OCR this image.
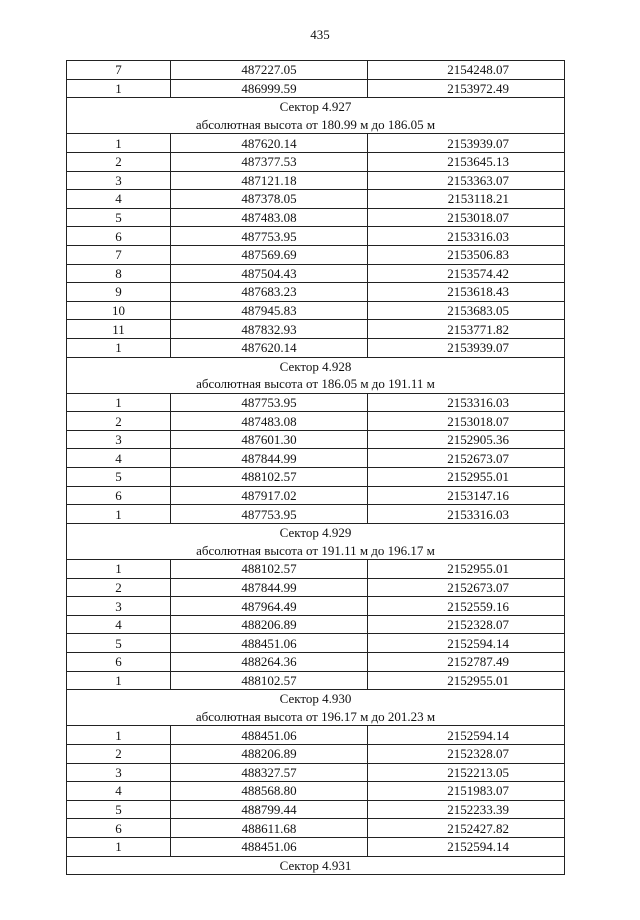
435
7	487227.05	2154248.07
1	486999.59	2153972.49
Сектор 4.927		
абсолютная высота от 180.99 м до 186.05 м		
1	487620.14	2153939.07
2	487377.53	2153645.13
3	487121.18	2153363.07
4	487378.05	2153118.21
5	487483.08	2153018.07
6	487753.95	2153316.03
7	487569.69	2153506.83
8	487504.43	2153574.42
9	487683.23	2153618.43
10	487945.83	2153683.05
11	487832.93	2153771.82
1	487620.14	2153939.07
Сектор 4.928		
абсолютная высота от 186.05 м до 191.11 м		
1	487753.95	2153316.03
2	487483.08	2153018.07
3	487601.30	2152905.36
4	487844.99	2152673.07
5	488102.57	2152955.01
6	487917.02	2153147.16
1	487753.95	2153316.03
Сектор 4.929		
абсолютная высота от 191.11 м до 196.17 м		
1	488102.57	2152955.01
2	487844.99	2152673.07
3	487964.49	2152559.16
4	488206.89	2152328.07
5	488451.06	2152594.14
6	488264.36	2152787.49
1	488102.57	2152955.01
Сектор 4.930		
абсолютная высота от 196.17 м до 201.23 м		
1	488451.06	2152594.14
2	488206.89	2152328.07
3	488327.57	2152213.05
4	488568.80	2151983.07
5	488799.44	2152233.39
6	488611.68	2152427.82
1	488451.06	2152594.14
Сектор 4.931		
